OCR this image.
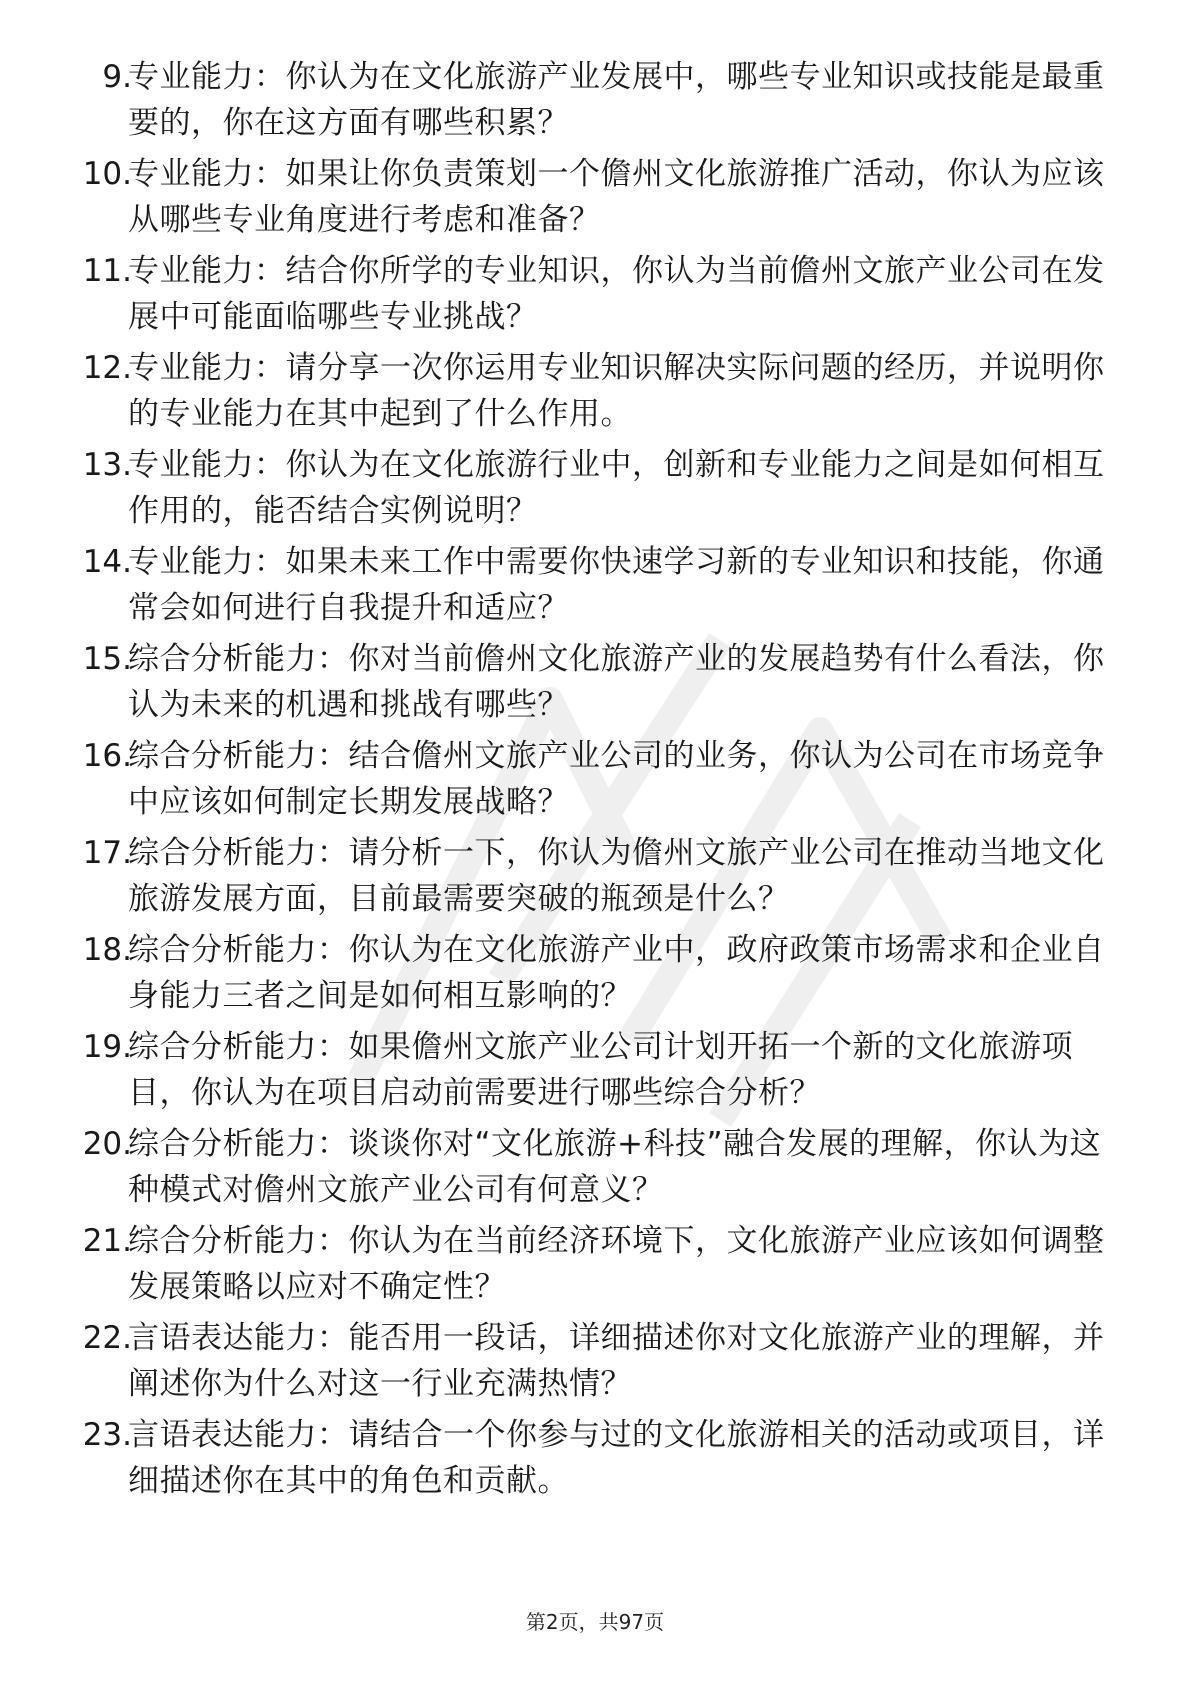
9.
专业能力：你认为在文化旅游产业发展中，哪些专业知识或技能是最重要的，你在这方面有哪些积累？
10.
专业能力：如果让你负责策划一个儋州文化旅游推广活动，你认为应该从哪些专业角度进行考虑和准备？
11.
专业能力：结合你所学的专业知识，你认为当前儋州文旅产业公司在发展中可能面临哪些专业挑战？
12.
专业能力：请分享一次你运用专业知识解决实际问题的经历，并说明你的专业能力在其中起到了什么作用。
13.
专业能力：你认为在文化旅游行业中，创新和专业能力之间是如何相互作用的，能否结合实例说明？
14.
专业能力：如果未来工作中需要你快速学习新的专业知识和技能，你通常会如何进行自我提升和适应？
15.
综合分析能力：你对当前儋州文化旅游产业的发展趋势有什么看法，你认为未来的机遇和挑战有哪些？
16.
综合分析能力：结合儋州文旅产业公司的业务，你认为公司在市场竞争中应该如何制定长期发展战略？
17.
综合分析能力：请分析一下，你认为儋州文旅产业公司在推动当地文化旅游发展方面，目前最需要突破的瓶颈是什么？
18.
综合分析能力：你认为在文化旅游产业中，政府政策市场需求和企业自身能力三者之间是如何相互影响的？
19.
综合分析能力：如果儋州文旅产业公司计划开拓一个新的文化旅游项目，你认为在项目启动前需要进行哪些综合分析？
20.
综合分析能力：谈谈你对“文化旅游+科技”融合发展的理解，你认为这种模式对儋州文旅产业公司有何意义？
21.
综合分析能力：你认为在当前经济环境下，文化旅游产业应该如何调整发展策略以应对不确定性？
22.
言语表达能力：能否用一段话，详细描述你对文化旅游产业的理解，并阐述你为什么对这一行业充满热情？
23.
言语表达能力：请结合一个你参与过的文化旅游相关的活动或项目，详细描述你在其中的角色和贡献。
第2页，共97页
